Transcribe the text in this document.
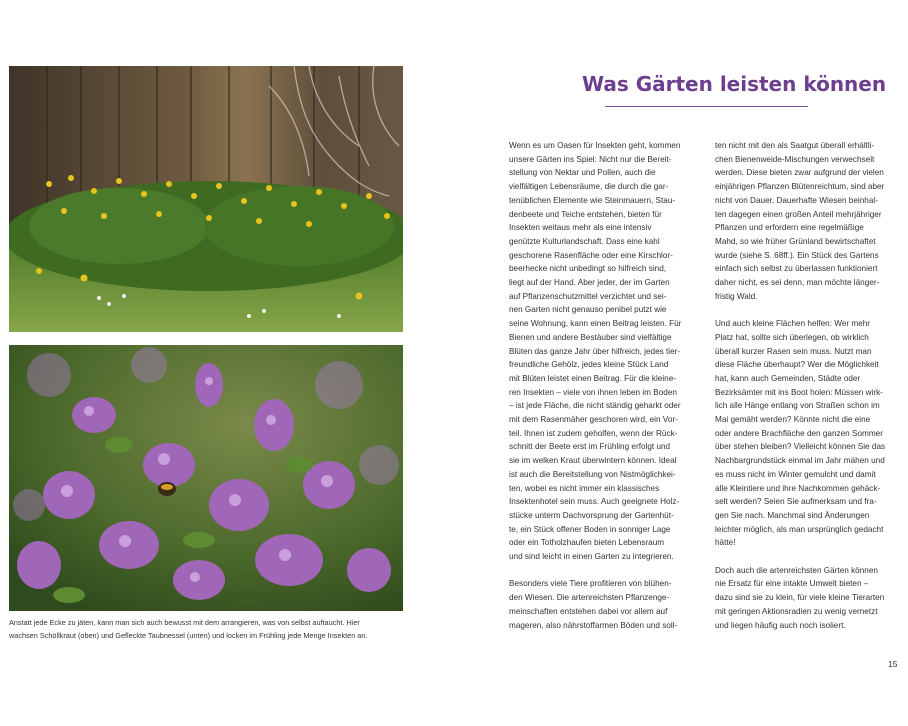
Anstatt jede Ecke zu jäten, kann man sich auch bewusst mit dem arrangieren, was von selbst auftaucht. Hier
wachsen Schöllkraut (oben) und Gefleckte Taubnessel (unten) und locken im Frühling jede Menge Insekten an.
Was Gärten leisten können
Wenn es um Oasen für Insekten geht, kommen
unsere Gärten ins Spiel: Nicht nur die Bereit-
stellung von Nektar und Pollen, auch die
vielfältigen Lebensräume, die durch die gar-
tenüblichen Elemente wie Steinmauern, Stau-
denbeete und Teiche entstehen, bieten für
Insekten weitaus mehr als eine intensiv
genützte Kulturlandschaft. Dass eine kahl
geschorene Rasenfläche oder eine Kirschlor-
beerhecke nicht unbedingt so hilfreich sind,
liegt auf der Hand. Aber jeder, der im Garten
auf Pflanzenschutzmittel verzichtet und sei-
nen Garten nicht genauso penibel putzt wie
seine Wohnung, kann einen Beitrag leisten. Für
Bienen und andere Bestäuber sind vielfältige
Blüten das ganze Jahr über hilfreich, jedes tier-
freundliche Gehölz, jedes kleine Stück Land
mit Blüten leistet einen Beitrag. Für die kleine-
ren Insekten – viele von ihnen leben im Boden
– ist jede Fläche, die nicht ständig geharkt oder
mit dem Rasenmäher geschoren wird, ein Vor-
teil. Ihnen ist zudem geholfen, wenn der Rück-
schnitt der Beete erst im Frühling erfolgt und
sie im welken Kraut überwintern können. Ideal
ist auch die Bereitstellung von Nistmöglichkei-
ten, wobei es nicht immer ein klassisches
Insektenhotel sein muss. Auch geeignete Holz-
stücke unterm Dachvorsprung der Gartenhüt-
te, ein Stück offener Boden in sonniger Lage
oder ein Totholzhaufen bieten Lebensraum
und sind leicht in einen Garten zu integrieren.
Besonders viele Tiere profitieren von blühen-
den Wiesen. Die artenreichsten Pflanzenge-
meinschaften entstehen dabei vor allem auf
mageren, also nährstoffarmen Böden und soll-
ten nicht mit den als Saatgut überall erhältli-
chen Bienenweide-Mischungen verwechselt
werden. Diese bieten zwar aufgrund der vielen
einjährigen Pflanzen Blütenreichtum, sind aber
nicht von Dauer. Dauerhafte Wiesen beinhal-
ten dagegen einen großen Anteil mehrjähriger
Pflanzen und erfordern eine regelmäßige
Mahd, so wie früher Grünland bewirtschaftet
wurde (siehe S. 68ff.). Ein Stück des Gartens
einfach sich selbst zu überlassen funktioniert
daher nicht, es sei denn, man möchte länger-
fristig Wald.
Und auch kleine Flächen helfen: Wer mehr
Platz hat, sollte sich überlegen, ob wirklich
überall kurzer Rasen sein muss. Nutzt man
diese Fläche überhaupt? Wer die Möglichkeit
hat, kann auch Gemeinden, Städte oder
Bezirksämter mit ins Boot holen: Müssen wirk-
lich alle Hänge entlang von Straßen schon im
Mai gemäht werden? Könnte nicht die eine
oder andere Brachfläche den ganzen Sommer
über stehen bleiben? Vielleicht können Sie das
Nachbargrundstück einmal im Jahr mähen und
es muss nicht im Winter gemulcht und damit
alle Kleintiere und ihre Nachkommen gehäck-
selt werden? Seien Sie aufmerksam und fra-
gen Sie nach. Manchmal sind Änderungen
leichter möglich, als man ursprünglich gedacht
hätte!
Doch auch die artenreichsten Gärten können
nie Ersatz für eine intakte Umwelt bieten –
dazu sind sie zu klein, für viele kleine Tierarten
mit geringen Aktionsradien zu wenig vernetzt
und liegen häufig auch noch isoliert.
15
